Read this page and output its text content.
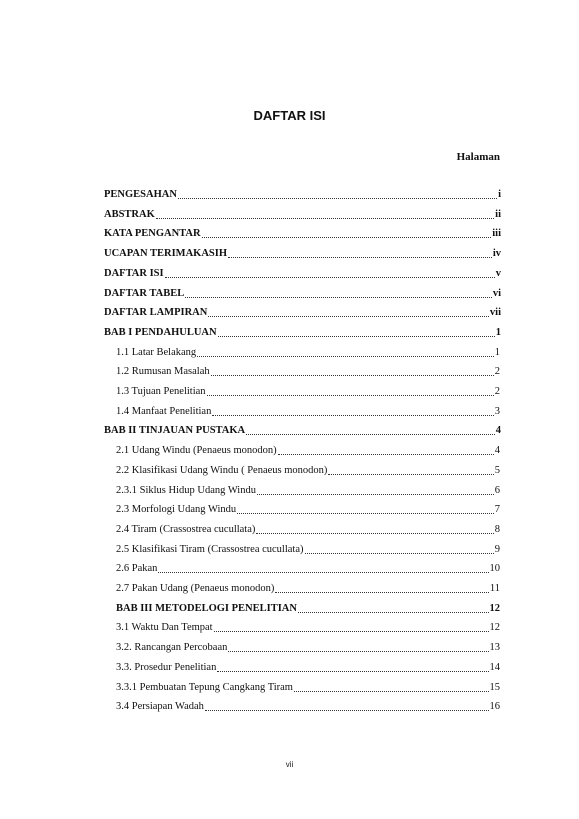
DAFTAR ISI
Halaman
PENGESAHAN	i
ABSTRAK	ii
KATA PENGANTAR	iii
UCAPAN TERIMAKASIH	iv
DAFTAR ISI	v
DAFTAR TABEL	vi
DAFTAR LAMPIRAN	vii
BAB I PENDAHULUAN	1
1.1 Latar Belakang	1
1.2 Rumusan Masalah	2
1.3 Tujuan Penelitian	2
1.4 Manfaat Penelitian	3
BAB II TINJAUAN PUSTAKA	4
2.1 Udang Windu (Penaeus monodon)	4
2.2 Klasifikasi Udang Windu ( Penaeus monodon)	5
2.3.1 Siklus Hidup Udang Windu	6
2.3 Morfologi Udang Windu	7
2.4 Tiram (Crassostrea cucullata)	8
2.5 Klasifikasi Tiram (Crassostrea cucullata)	9
2.6 Pakan	10
2.7 Pakan Udang (Penaeus monodon)	11
BAB III METODELOGI PENELITIAN	12
3.1 Waktu Dan Tempat	12
3.2. Rancangan Percobaan	13
3.3. Prosedur Penelitian	14
3.3.1 Pembuatan Tepung Cangkang Tiram	15
3.4 Persiapan Wadah	16
vii
